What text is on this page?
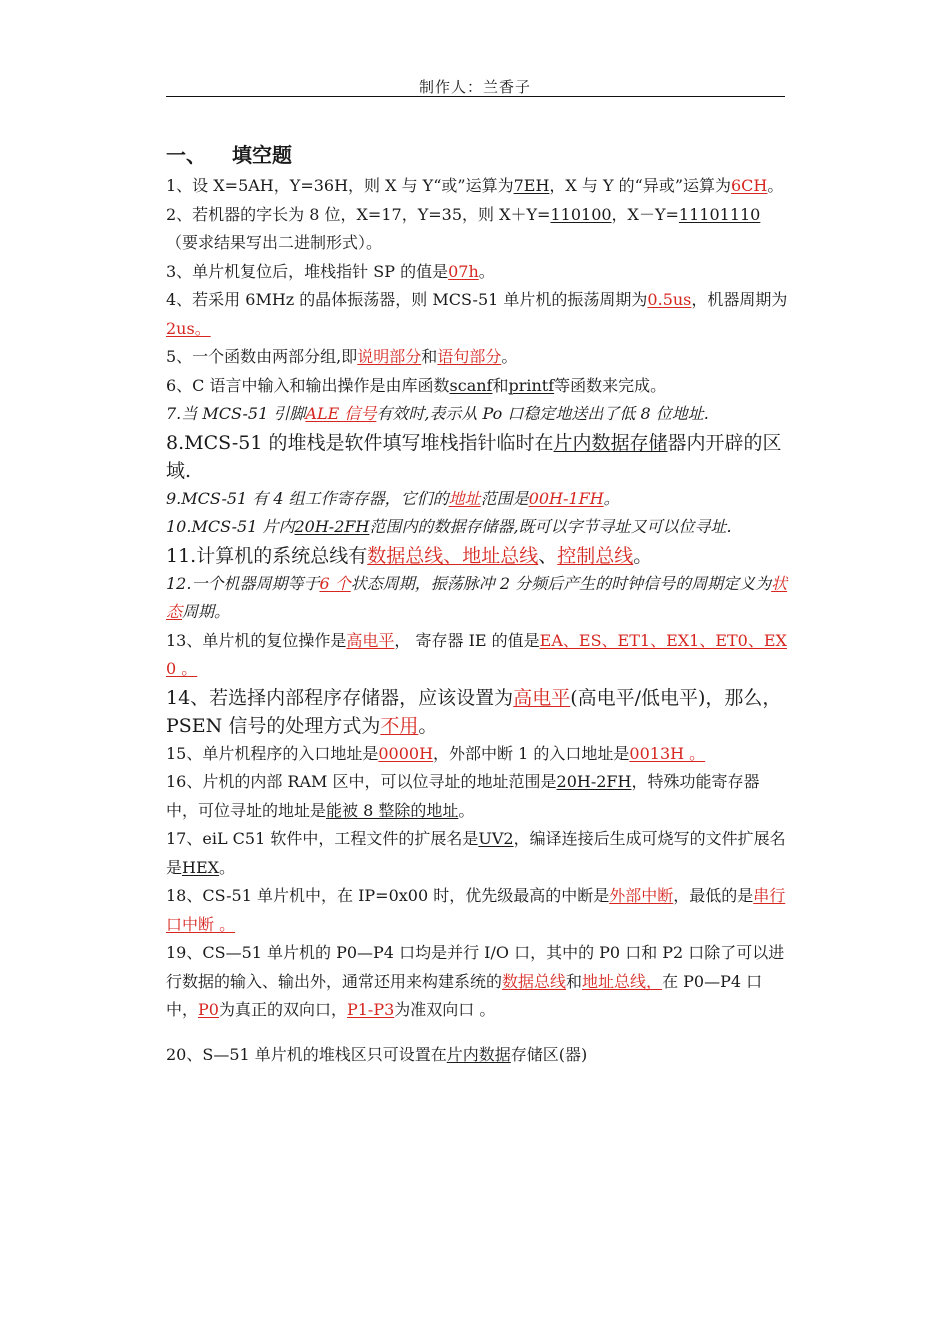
制作人：兰香子
一、 填空题
1、设 X=5AH，Y=36H，则 X 与 Y“或”运算为7EH，X 与 Y 的“异或”运算为6CH。
2、若机器的字长为 8 位，X=17，Y=35，则 X＋Y=110100，X－Y=11101110（要求结果写出二进制形式）。
3、单片机复位后，堆栈指针 SP 的值是07h。
4、若采用 6MHz 的晶体振荡器，则 MCS-51 单片机的振荡周期为0.5us，机器周期为2us。
5、一个函数由两部分组,即说明部分和语句部分。
6、C 语言中输入和输出操作是由库函数scanf和printf等函数来完成。
7.当 MCS-51 引脚ALE 信号有效时,表示从 Po 口稳定地送出了低 8 位地址.
8.MCS-51 的堆栈是软件填写堆栈指针临时在片内数据存储器内开辟的区域.
9.MCS-51 有 4 组工作寄存器，它们的地址范围是00H-1FH。
10.MCS-51 片内20H-2FH范围内的数据存储器,既可以字节寻址又可以位寻址.
11.计算机的系统总线有数据总线、地址总线、控制总线。
12.一个机器周期等于6 个状态周期，振荡脉冲 2 分频后产生的时钟信号的周期定义为状态周期。
13、单片机的复位操作是高电平， 寄存器 IE 的值是EA、ES、ET1、EX1、ET0、EX0 。
14、若选择内部程序存储器，应该设置为高电平(高电平/低电平)，那么，PSEN 信号的处理方式为不用。
15、单片机程序的入口地址是0000H，外部中断 1 的入口地址是0013H 。
16、片机的内部 RAM 区中，可以位寻址的地址范围是20H-2FH，特殊功能寄存器中，可位寻址的地址是能被 8 整除的地址。
17、eiL C51 软件中，工程文件的扩展名是UV2，编译连接后生成可烧写的文件扩展名是HEX。
18、CS-51 单片机中，在 IP=0x00 时，优先级最高的中断是外部中断，最低的是串行口中断 。
19、CS—51 单片机的 P0—P4 口均是并行 I/O 口，其中的 P0 口和 P2 口除了可以进行数据的输入、输出外，通常还用来构建系统的数据总线和地址总线，在 P0—P4 口中，P0为真正的双向口，P1-P3为准双向口 。
20、S—51 单片机的堆栈区只可设置在片内数据存储区(器)
